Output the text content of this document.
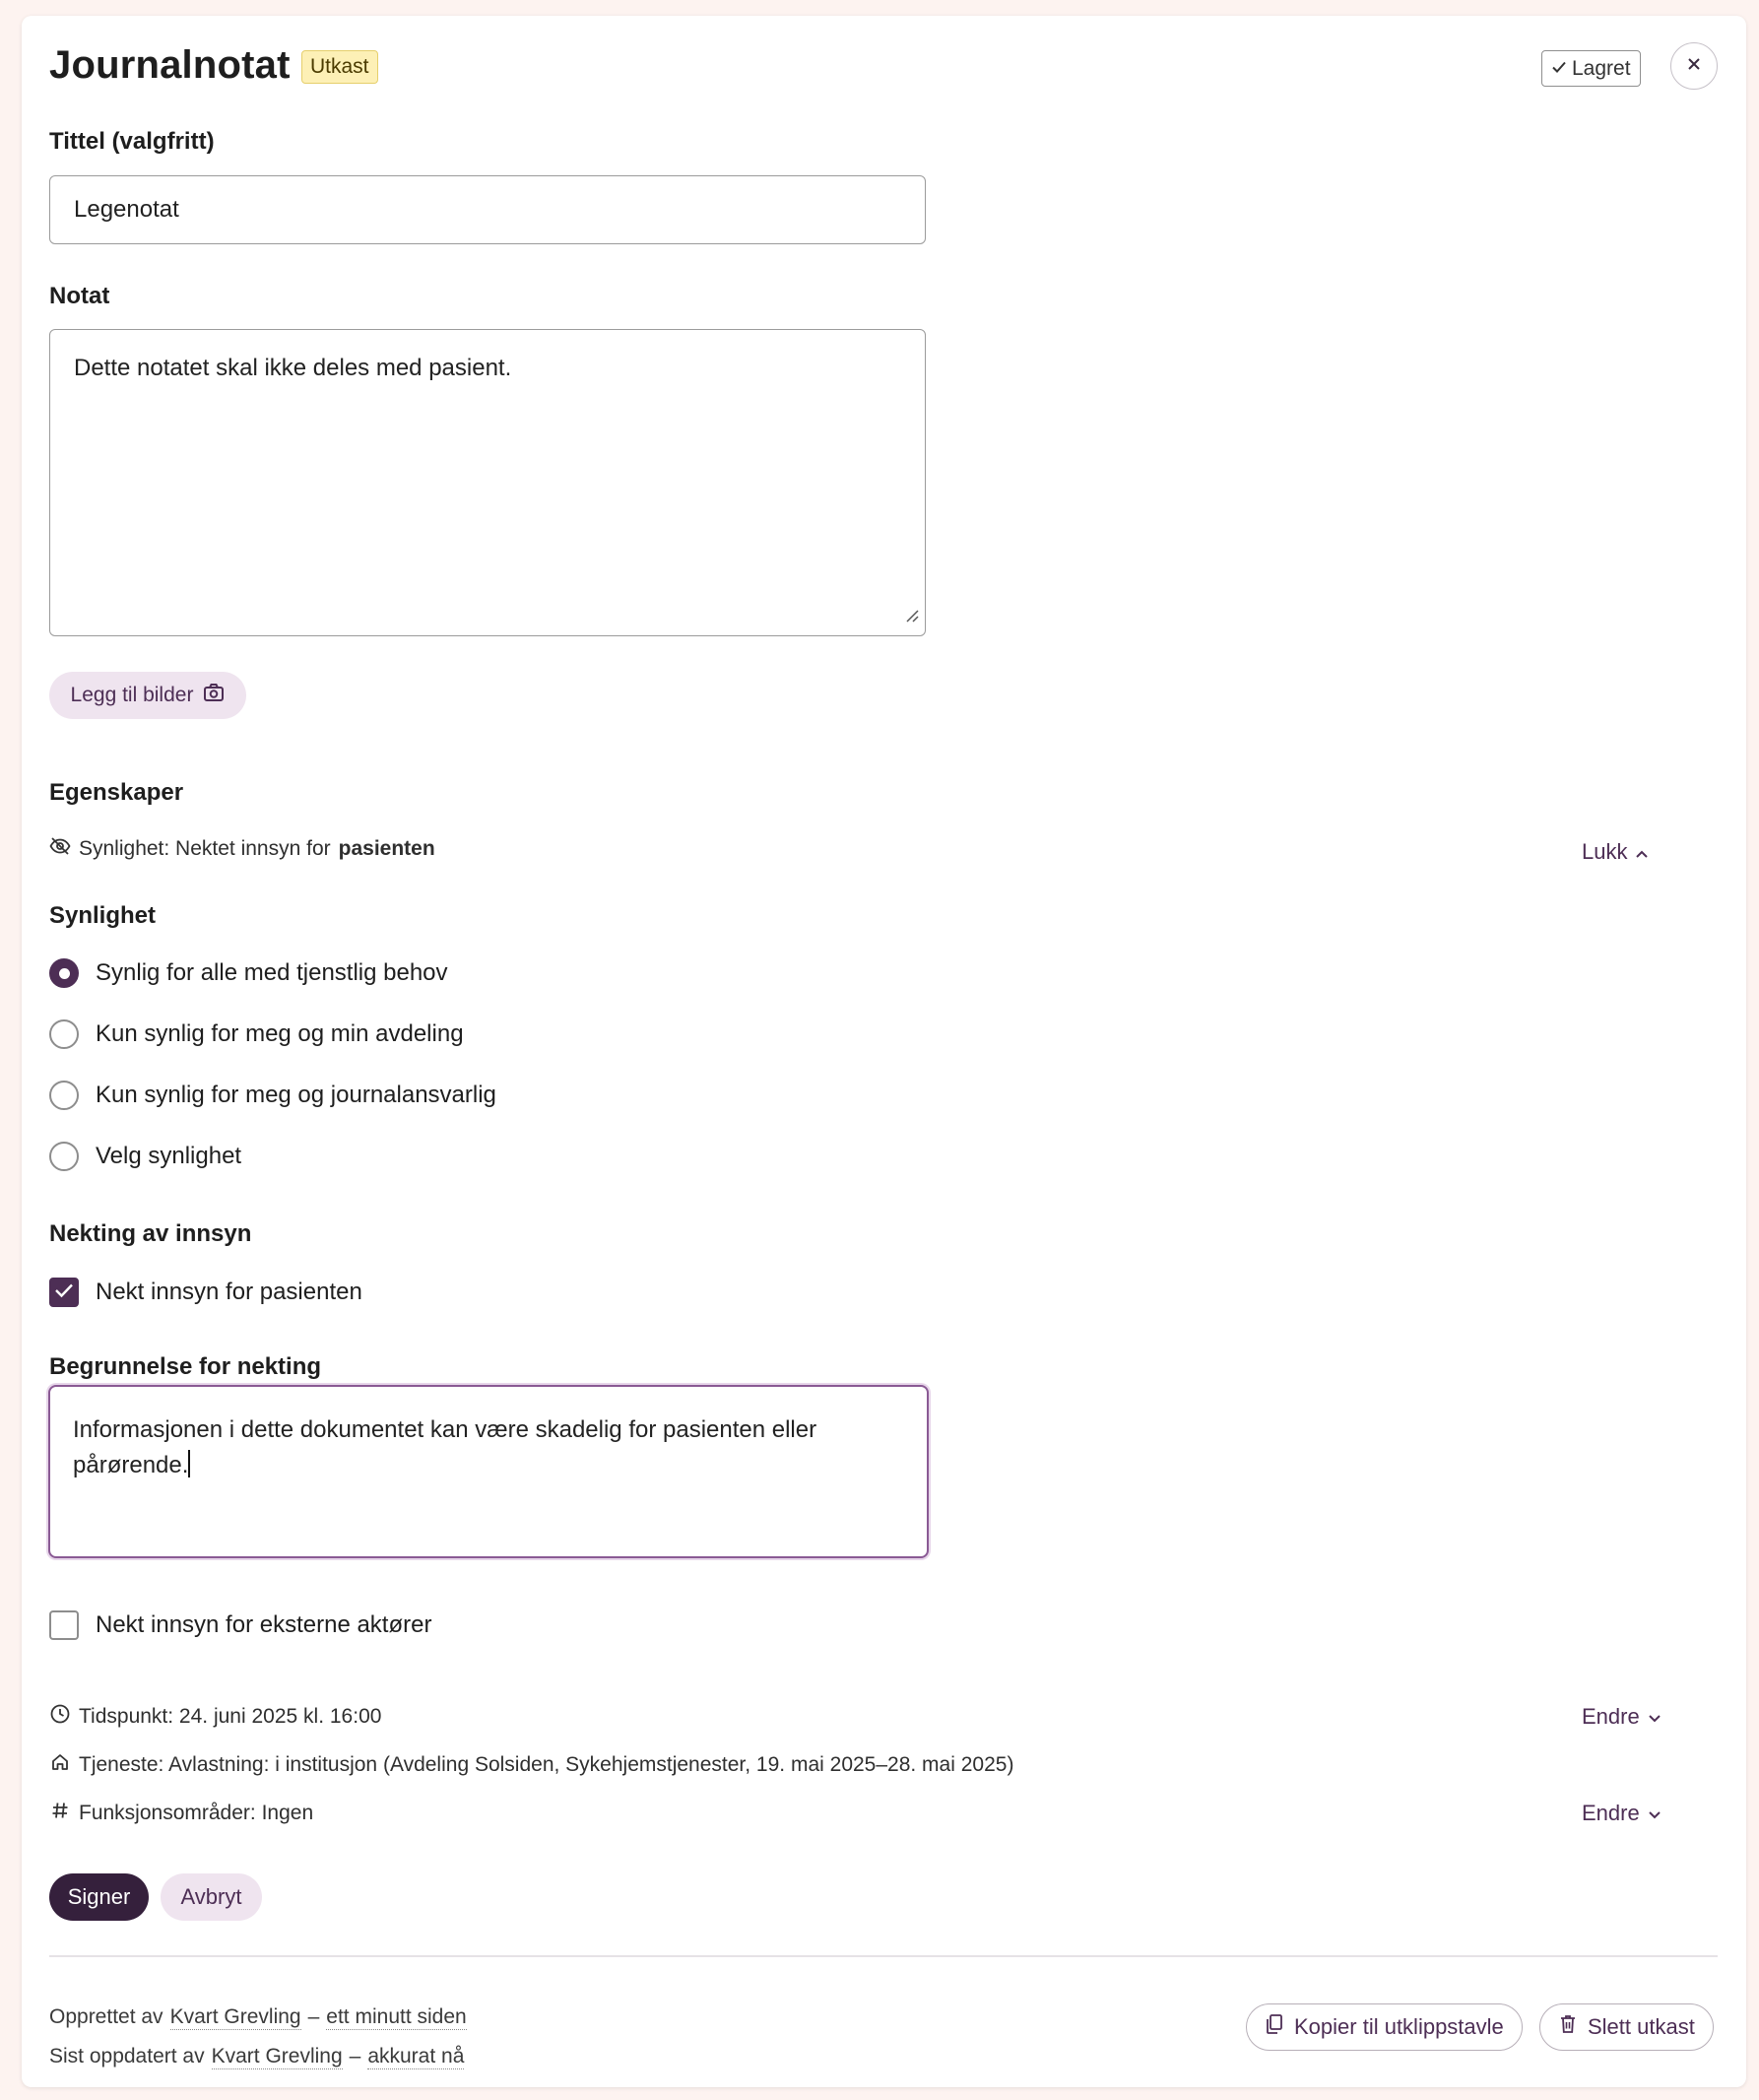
Journalnotat Utkast	Lagret
Tittel (valgfritt)
Legenotat
Notat
Dette notatet skal ikke deles med pasient.
Legg til bilder
Egenskaper
Synlighet: Nektet innsyn for pasienten	Lukk
Synlighet
Synlig for alle med tjenstlig behov
Kun synlig for meg og min avdeling
Kun synlig for meg og journalansvarlig
Velg synlighet
Nekting av innsyn
Nekt innsyn for pasienten
Begrunnelse for nekting
Informasjonen i dette dokumentet kan være skadelig for pasienten eller pårørende.
Nekt innsyn for eksterne aktører
Tidspunkt: 24. juni 2025 kl. 16:00	Endre
Tjeneste: Avlastning: i institusjon (Avdeling Solsiden, Sykehjemstjenester, 19. mai 2025–28. mai 2025)
Funksjonsområder: Ingen	Endre
Signer Avbryt
Opprettet av Kvart Grevling – ett minutt siden
Sist oppdatert av Kvart Grevling – akkurat nå
Kopier til utklippstavle	Slett utkast
